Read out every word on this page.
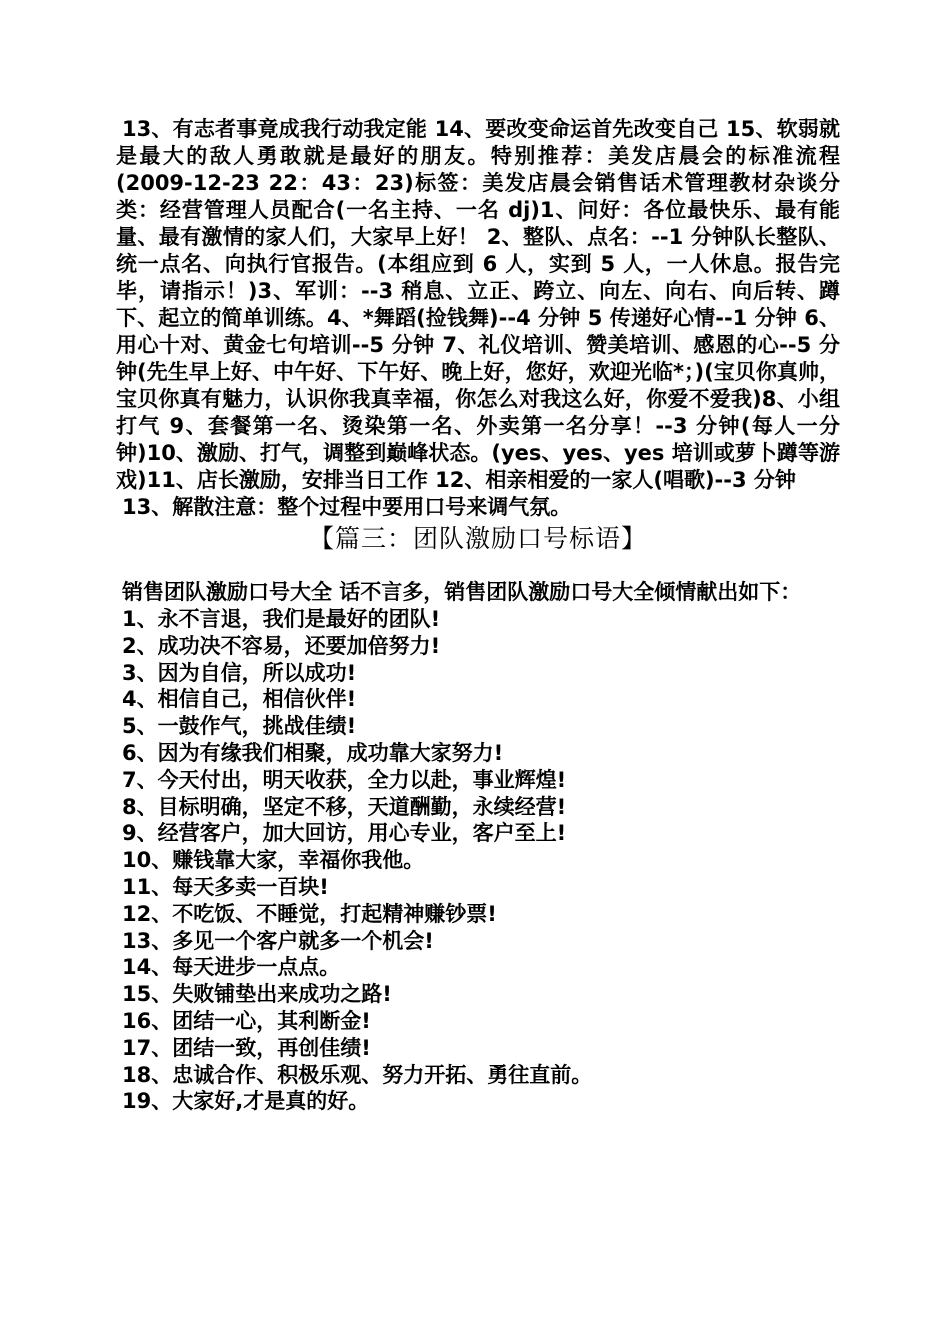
13、有志者事竟成我行动我定能 14、要改变命运首先改变自己 15、软弱就是最大的敌人勇敢就是最好的朋友。特别推荐：美发店晨会的标准流程(2009-12-23 22：43：23)标签：美发店晨会销售话术管理教材杂谈分类：经营管理人员配合(一名主持、一名 dj)1、问好：各位最快乐、最有能量、最有激情的家人们，大家早上好！ 2、整队、点名：--1 分钟队长整队、统一点名、向执行官报告。(本组应到 6 人，实到 5 人，一人休息。报告完毕，请指示！)3、军训：--3 稍息、立正、跨立、向左、向右、向后转、蹲下、起立的简单训练。4、*舞蹈(捡钱舞)--4 分钟 5 传递好心情--1 分钟 6、用心十对、黄金七句培训--5 分钟 7、礼仪培训、赞美培训、感恩的心--5 分钟(先生早上好、中午好、下午好、晚上好，您好，欢迎光临*；)(宝贝你真帅，宝贝你真有魅力，认识你我真幸福，你怎么对我这么好，你爱不爱我)8、小组打气 9、套餐第一名、烫染第一名、外卖第一名分享！--3 分钟(每人一分钟)10、激励、打气，调整到巅峰状态。(yes、yes、yes 培训或萝卜蹲等游戏)11、店长激励，安排当日工作 12、相亲相爱的一家人(唱歌)--3 分钟

13、解散注意：整个过程中要用口号来调气氛。

【篇三：团队激励口号标语】

销售团队激励口号大全 话不言多，销售团队激励口号大全倾情献出如下：

1、永不言退，我们是最好的团队!
2、成功决不容易，还要加倍努力!
3、因为自信，所以成功!
4、相信自己，相信伙伴!
5、一鼓作气，挑战佳绩!
6、因为有缘我们相聚，成功靠大家努力!
7、今天付出，明天收获，全力以赴，事业辉煌!
8、目标明确，坚定不移，天道酬勤，永续经营!
9、经营客户，加大回访，用心专业，客户至上!
10、赚钱靠大家，幸福你我他。
11、每天多卖一百块!
12、不吃饭、不睡觉，打起精神赚钞票!
13、多见一个客户就多一个机会!
14、每天进步一点点。
15、失败铺垫出来成功之路!
16、团结一心，其利断金!
17、团结一致，再创佳绩!
18、忠诚合作、积极乐观、努力开拓、勇往直前。
19、大家好,才是真的好。
